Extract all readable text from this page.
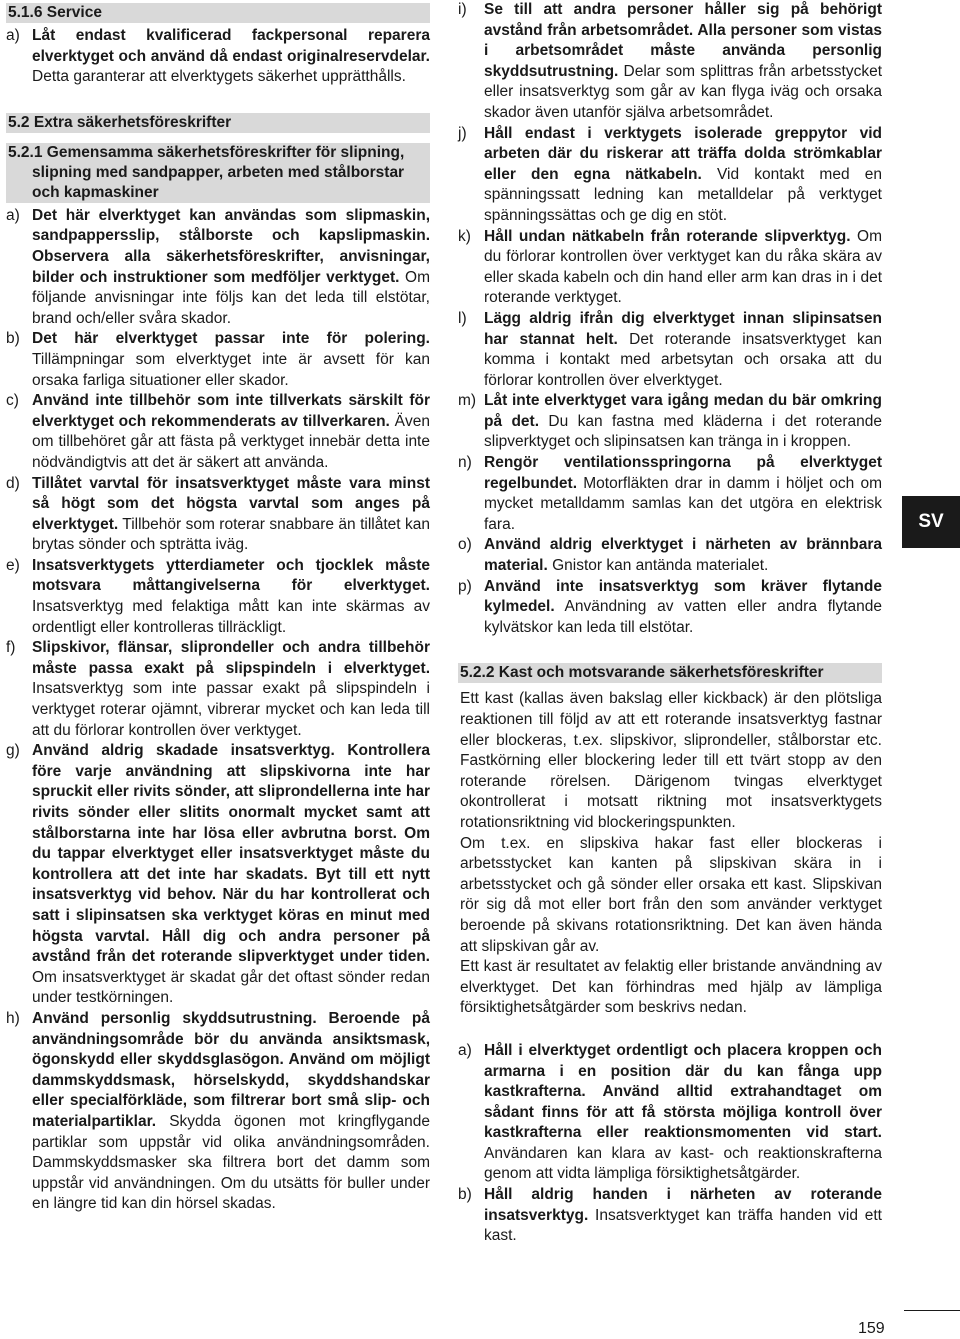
5.1.6 Service
a) Låt endast kvalificerad fackpersonal reparera elverktyget och använd då endast originalreservdelar. Detta garanterar att elverktygets säkerhet upprätthålls.
5.2 Extra säkerhetsföreskrifter
5.2.1 Gemensamma säkerhetsföreskrifter för slipning, slipning med sandpapper, arbeten med stålborstar och kapmaskiner
a) Det här elverktyget kan användas som slipmaskin, sandpappersslip, stålborste och kapslipmaskin. Observera alla säkerhetsföreskrifter, anvisningar, bilder och instruktioner som medföljer verktyget. Om följande anvisningar inte följs kan det leda till elstötar, brand och/eller svåra skador.
b) Det här elverktyget passar inte för polering. Tillämpningar som elverktyget inte är avsett för kan orsaka farliga situationer eller skador.
c) Använd inte tillbehör som inte tillverkats särskilt för elverktyget och rekommenderats av tillverkaren. Även om tillbehöret går att fästa på verktyget innebär detta inte nödvändigtvis att det är säkert att använda.
d) Tillåtet varvtal för insatsverktyget måste vara minst så högt som det högsta varvtal som anges på elverktyget. Tillbehör som roterar snabbare än tillåtet kan brytas sönder och spträtta iväg.
e) Insatsverktygets ytterdiameter och tjocklek måste motsvara måttangivelserna för elverktyget. Insatsverktyg med felaktiga mått kan inte skärmas av ordentligt eller kontrolleras tillräckligt.
f)	Slipskivor, flänsar, sliprondeller och andra tillbehör måste passa exakt på slipspindeln i elverktyget. Insatsverktyg som inte passar exakt på slipspindeln i verktyget roterar ojämnt, vibrerar mycket och kan leda till att du förlorar kontrollen över verktyget.
g) Använd aldrig skadade insatsverktyg. Kontrollera före varje användning att slipskivorna inte har spruckit eller rivits sönder, att sliprondellerna inte har rivits sönder eller slitits onormalt mycket samt att stålborstarna inte har lösa eller avbrutna borst. Om du tappar elverktyget eller insatsverktyget måste du kontrollera att det inte har skadats. Byt till ett nytt insatsverktyg vid behov. När du har kontrollerat och satt i slipinsatsen ska verktyget köras en minut med högsta varvtal. Håll dig och andra personer på avstånd från det roterande slipverktyget under tiden. Om insatsverktyget är skadat går det oftast sönder redan under testkörningen.
h) Använd personlig skyddsutrustning. Beroende på användningsområde bör du använda ansiktsmask, ögonskydd eller skyddsglasögon. Använd om möjligt dammskyddsmask, hörselskydd, skyddshandskar eller specialförkläde, som filtrerar bort små slip- och materialpartiklar. Skydda ögonen mot kringflygande partiklar som uppstår vid olika användningsområden. Dammskyddsmasker ska filtrera bort det damm som uppstår vid användningen. Om du utsätts för buller under en längre tid kan din hörsel skadas.
i)	Se till att andra personer håller sig på behörigt avstånd från arbetsområdet. Alla personer som vistas i arbetsområdet måste använda personlig skyddsutrustning. Delar som splittras från arbetsstycket eller insatsverktyg som går av kan flyga iväg och orsaka skador även utanför själva arbetsområdet.
j)	Håll endast i verktygets isolerade greppytor vid arbeten där du riskerar att träffa dolda strömkablar eller den egna nätkabeln. Vid kontakt med en spänningssatt ledning kan metalldelar på verktyget spänningssättas och ge dig en stöt.
k) Håll undan nätkabeln från roterande slipverktyg. Om du förlorar kontrollen över verktyget kan du råka skära av eller skada kabeln och din hand eller arm kan dras in i det roterande verktyget.
l)	Lägg aldrig ifrån dig elverktyget innan slipinsatsen har stannat helt. Det roterande insatsverktyget kan komma i kontakt med arbetsytan och orsaka att du förlorar kontrollen över elverktyget.
m) Låt inte elverktyget vara igång medan du bär omkring på det. Du kan fastna med kläderna i det roterande slipverktyget och slipinsatsen kan tränga in i kroppen.
n) Rengör ventilationsspringorna på elverktyget regelbundet. Motorfläkten drar in damm i höljet och om mycket metalldamm samlas kan det utgöra en elektrisk fara.
o) Använd aldrig elverktyget i närheten av brännbara material. Gnistor kan antända materialet.
p) Använd inte insatsverktyg som kräver flytande kylmedel. Användning av vatten eller andra flytande kylvätskor kan leda till elstötar.
5.2.2 Kast och motsvarande säkerhetsföreskrifter
Ett kast (kallas även bakslag eller kickback) är den plötsliga reaktionen till följd av att ett roterande insatsverktyg fastnar eller blockeras, t.ex. slipskivor, sliprondeller, stålborstar etc. Fastkörning eller blockering leder till ett tvärt stopp av den roterande rörelsen. Därigenom tvingas elverktyget okontrollerat i motsatt riktning mot insatsverktygets rotationsriktning vid blockeringspunkten.
Om t.ex. en slipskiva hakar fast eller blockeras i arbetsstycket kan kanten på slipskivan skära in i arbetsstycket och gå sönder eller orsaka ett kast. Slipskivan rör sig då mot eller bort från den som använder verktyget beroende på skivans rotationsriktning. Det kan även hända att slipskivan går av.
Ett kast är resultatet av felaktig eller bristande användning av elverktyget. Det kan förhindras med hjälp av lämpliga försiktighetsåtgärder som beskrivs nedan.
a) Håll i elverktyget ordentligt och placera kroppen och armarna i en position där du kan fånga upp kastkrafterna. Använd alltid extrahandtaget om sådant finns för att få största möjliga kontroll över kastkrafterna eller reaktionsmomenten vid start. Användaren kan klara av kast- och reaktionskrafterna genom att vidta lämpliga försiktighetsåtgärder.
b) Håll aldrig handen i närheten av roterande insatsverktyg. Insatsverktyget kan träffa handen vid ett kast.
SV
159
